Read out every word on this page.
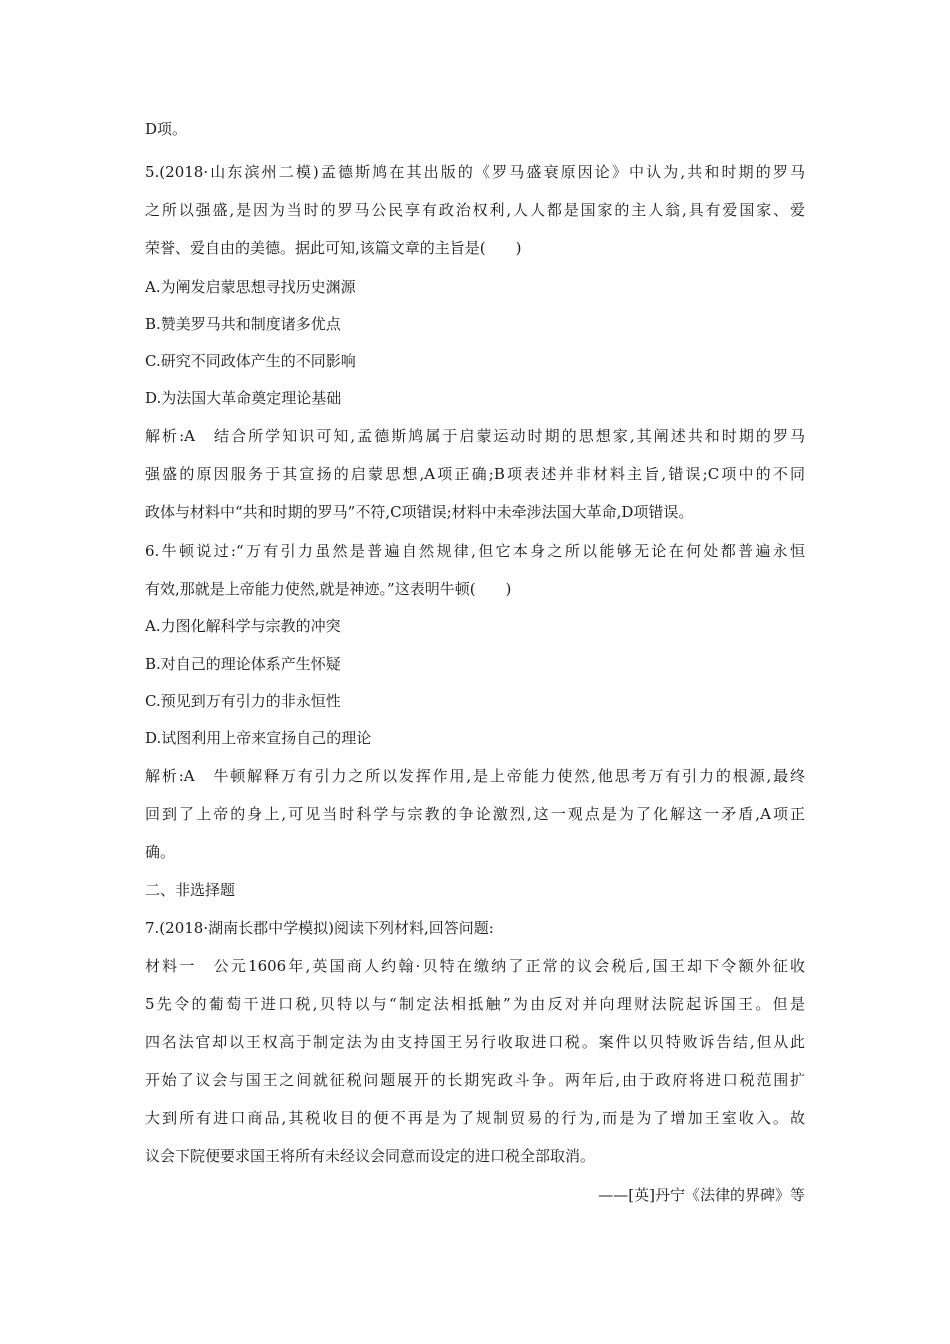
D项。
5.(2018·山东滨州二模)孟德斯鸠在其出版的《罗马盛衰原因论》中认为,共和时期的罗马
之所以强盛,是因为当时的罗马公民享有政治权利,人人都是国家的主人翁,具有爱国家、爱
荣誉、爱自由的美德。据此可知,该篇文章的主旨是(　　)
A.为阐发启蒙思想寻找历史渊源
B.赞美罗马共和制度诸多优点
C.研究不同政体产生的不同影响
D.为法国大革命奠定理论基础
解析:A　结合所学知识可知,孟德斯鸠属于启蒙运动时期的思想家,其阐述共和时期的罗马
强盛的原因服务于其宣扬的启蒙思想,A项正确;B项表述并非材料主旨,错误;C项中的不同
政体与材料中“共和时期的罗马”不符,C项错误;材料中未牵涉法国大革命,D项错误。
6.牛顿说过:“万有引力虽然是普遍自然规律,但它本身之所以能够无论在何处都普遍永恒
有效,那就是上帝能力使然,就是神迹。”这表明牛顿(　　)
A.力图化解科学与宗教的冲突
B.对自己的理论体系产生怀疑
C.预见到万有引力的非永恒性
D.试图利用上帝来宣扬自己的理论
解析:A　牛顿解释万有引力之所以发挥作用,是上帝能力使然,他思考万有引力的根源,最终
回到了上帝的身上,可见当时科学与宗教的争论激烈,这一观点是为了化解这一矛盾,A项正
确。
二、非选择题
7.(2018·湖南长郡中学模拟)阅读下列材料,回答问题:
材料一　公元1606年,英国商人约翰·贝特在缴纳了正常的议会税后,国王却下令额外征收
5先令的葡萄干进口税,贝特以与“制定法相抵触”为由反对并向理财法院起诉国王。但是
四名法官却以王权高于制定法为由支持国王另行收取进口税。案件以贝特败诉告结,但从此
开始了议会与国王之间就征税问题展开的长期宪政斗争。两年后,由于政府将进口税范围扩
大到所有进口商品,其税收目的便不再是为了规制贸易的行为,而是为了增加王室收入。故
议会下院便要求国王将所有未经议会同意而设定的进口税全部取消。
——[英]丹宁《法律的界碑》等
